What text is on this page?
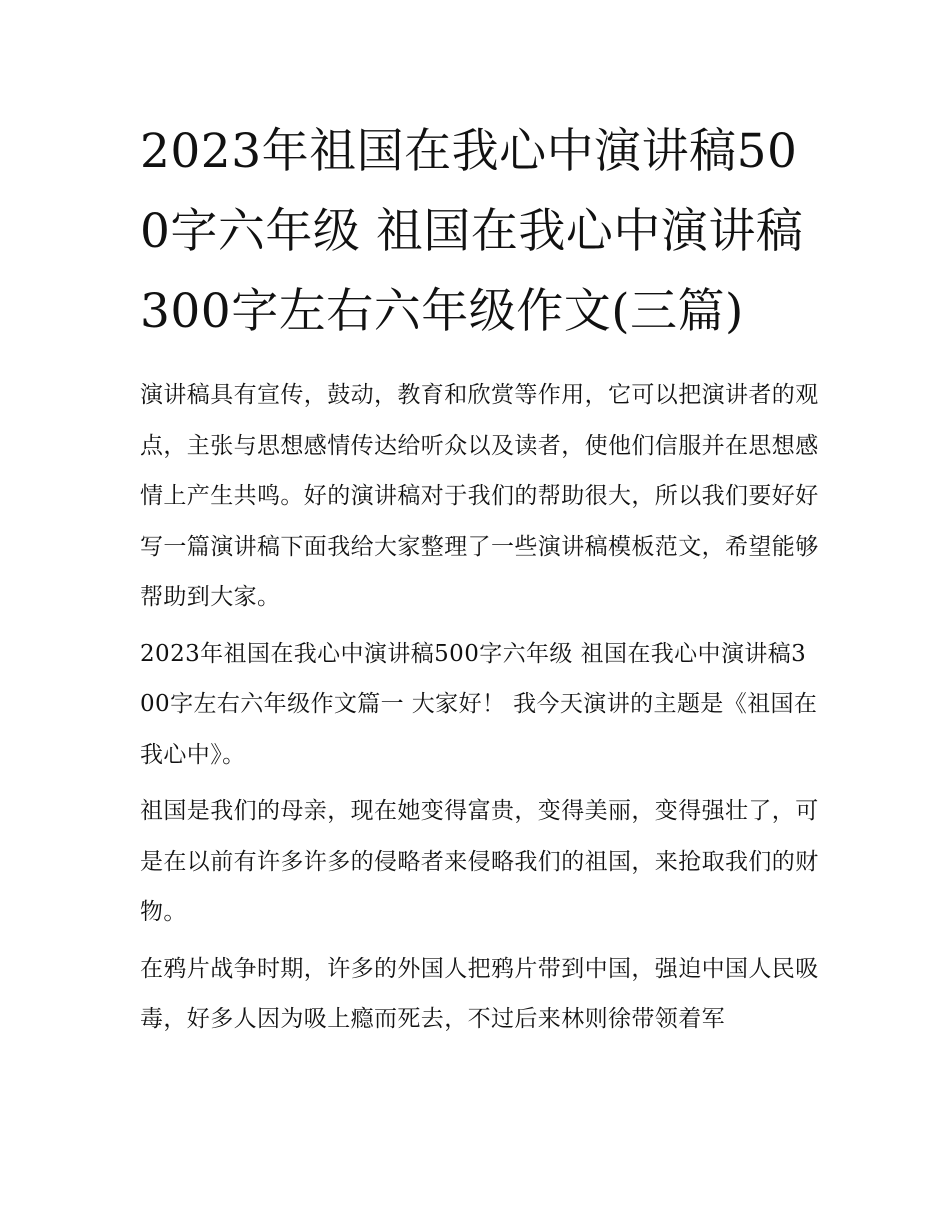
2023年祖国在我心中演讲稿500字六年级 祖国在我心中演讲稿300字左右六年级作文(三篇)

演讲稿具有宣传，鼓动，教育和欣赏等作用，它可以把演讲者的观点，主张与思想感情传达给听众以及读者，使他们信服并在思想感情上产生共鸣。好的演讲稿对于我们的帮助很大，所以我们要好好写一篇演讲稿下面我给大家整理了一些演讲稿模板范文，希望能够帮助到大家。

2023年祖国在我心中演讲稿500字六年级 祖国在我心中演讲稿300字左右六年级作文篇一 大家好！ 我今天演讲的主题是《祖国在我心中》。

祖国是我们的母亲，现在她变得富贵，变得美丽，变得强壮了，可是在以前有许多许多的侵略者来侵略我们的祖国，来抢取我们的财物。

在鸦片战争时期，许多的外国人把鸦片带到中国，强迫中国人民吸毒，好多人因为吸上瘾而死去，不过后来林则徐带领着军
